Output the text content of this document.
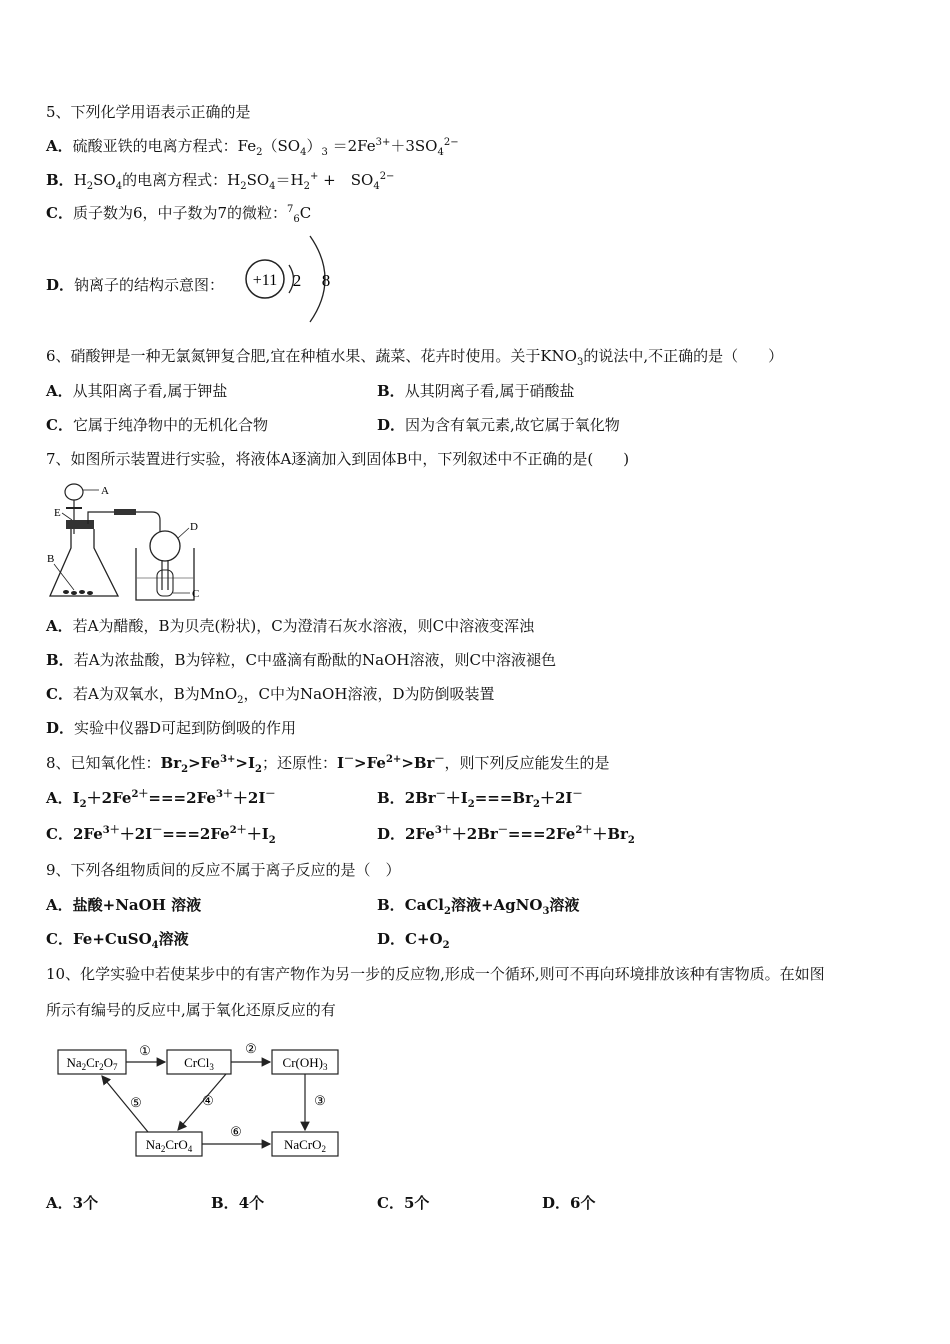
5、下列化学用语表示正确的是
A．硫酸亚铁的电离方程式：$Fe_2(SO_4)_3 =2Fe^{3+}+3SO_4^{2-}$
B．$H_2SO_4$的电离方程式：$H_2SO_4=H_2^+$ +　$SO_4^{2-}$
C．质子数为6，中子数为7的微粒：$^7_6$C
D．钠离子的结构示意图： +11 2 8
6、硝酸钾是一种无氯氮钾复合肥,宜在种植水果、蔬菜、花卉时使用。关于$KNO_3$的说法中,不正确的是（　　）
A．从其阳离子看,属于钾盐	B．从其阴离子看,属于硝酸盐
C．它属于纯净物中的无机化合物	D．因为含有氧元素,故它属于氧化物
7、如图所示装置进行实验，将液体A逐滴加入到固体B中，下列叙述中不正确的是(　　)
A
E
B
D
C
A．若A为醋酸，B为贝壳(粉状)，C为澄清石灰水溶液，则C中溶液变浑浊
B．若A为浓盐酸，B为锌粒，C中盛滴有酚酞的NaOH溶液，则C中溶液褪色
C．若A为双氧水，B为MnO$_2$，C中为NaOH溶液，D为防倒吸装置
D．实验中仪器D可起到防倒吸的作用
8、已知氧化性：$Br_2>Fe^{3+}>I_2$；还原性：$I^->Fe^{2+}>Br^-$，则下列反应能发生的是
A．$I_2+2Fe^{2+}===2Fe^{3+}+2I^-$	B．$2Br^-+I_2===Br_2+2I^-$
C．$2Fe^{3+}+2I^-===2Fe^{2+}+I_2$	D．$2Fe^{3+}+2Br^-===2Fe^{2+}+Br_2$
9、下列各组物质间的反应不属于离子反应的是（　）
A．盐酸+NaOH 溶液	B．CaCl$_2$溶液+AgNO$_3$溶液
C．Fe+CuSO$_4$溶液	D．$C+O_2$
10、化学实验中若使某步中的有害产物作为另一步的反应物,形成一个循环,则可不再向环境排放该种有害物质。在如图
所示有编号的反应中,属于氧化还原反应的有
$Na_2Cr_2O_7$	CrCl$_3$	$Cr(OH)_3$
$Na_2CrO_4$	NaCrO$_2$
①	②
③
④
⑤
⑥
A．3个	B．4个	C．5个	D．6个
